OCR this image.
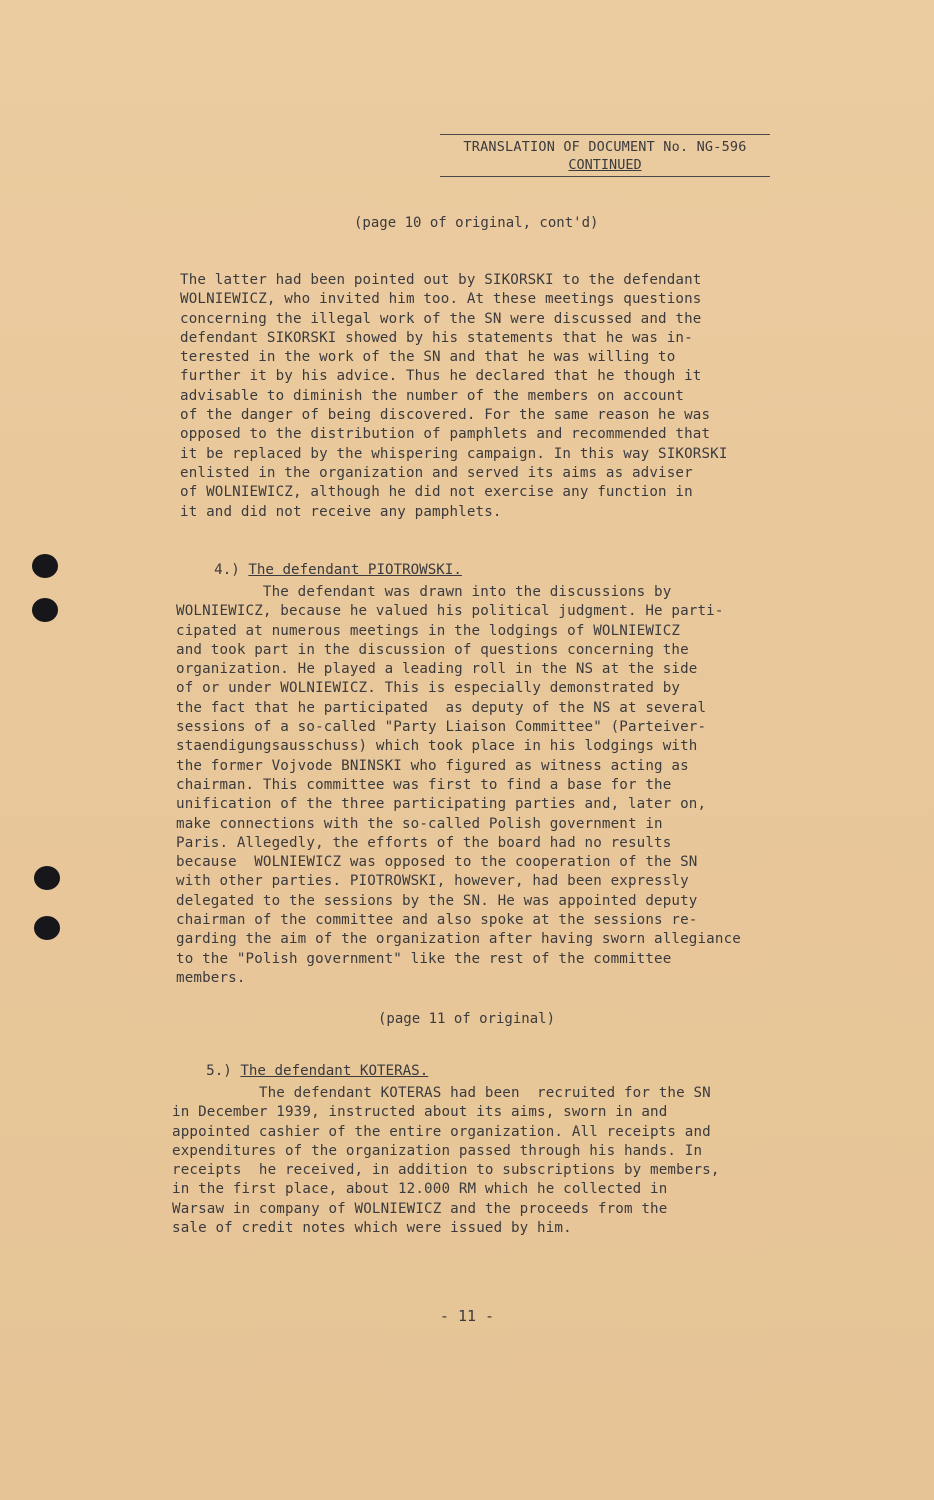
TRANSLATION OF DOCUMENT No. NG-596
CONTINUED
(page 10 of original, cont'd)
The latter had been pointed out by SIKORSKI to the defendant
WOLNIEWICZ, who invited him too. At these meetings questions
concerning the illegal work of the SN were discussed and the
defendant SIKORSKI showed by his statements that he was in-
terested in the work of the SN and that he was willing to
further it by his advice. Thus he declared that he though it
advisable to diminish the number of the members on account
of the danger of being discovered. For the same reason he was
opposed to the distribution of pamphlets and recommended that
it be replaced by the whispering campaign. In this way SIKORSKI
enlisted in the organization and served its aims as adviser
of WOLNIEWICZ, although he did not exercise any function in
it and did not receive any pamphlets.

4.) The defendant PIOTROWSKI.

The defendant was drawn into the discussions by
WOLNIEWICZ, because he valued his political judgment. He parti-
cipated at numerous meetings in the lodgings of WOLNIEWICZ
and took part in the discussion of questions concerning the
organization. He played a leading roll in the NS at the side
of or under WOLNIEWICZ. This is especially demonstrated by
the fact that he participated  as deputy of the NS at several
sessions of a so-called "Party Liaison Committee" (Parteiver-
staendigungsausschuss) which took place in his lodgings with
the former Vojvode BNINSKI who figured as witness acting as
chairman. This committee was first to find a base for the
unification of the three participating parties and, later on,
make connections with the so-called Polish government in
Paris. Allegedly, the efforts of the board had no results
because  WOLNIEWICZ was opposed to the cooperation of the SN
with other parties. PIOTROWSKI, however, had been expressly
delegated to the sessions by the SN. He was appointed deputy
chairman of the committee and also spoke at the sessions re-
garding the aim of the organization after having sworn allegiance
to the "Polish government" like the rest of the committee
members.
(page 11 of original)

5.) The defendant KOTERAS.

The defendant KOTERAS had been  recruited for the SN
in December 1939, instructed about its aims, sworn in and
appointed cashier of the entire organization. All receipts and
expenditures of the organization passed through his hands. In
receipts  he received, in addition to subscriptions by members,
in the first place, about 12.000 RM which he collected in
Warsaw in company of WOLNIEWICZ and the proceeds from the
sale of credit notes which were issued by him.
- 11 -
